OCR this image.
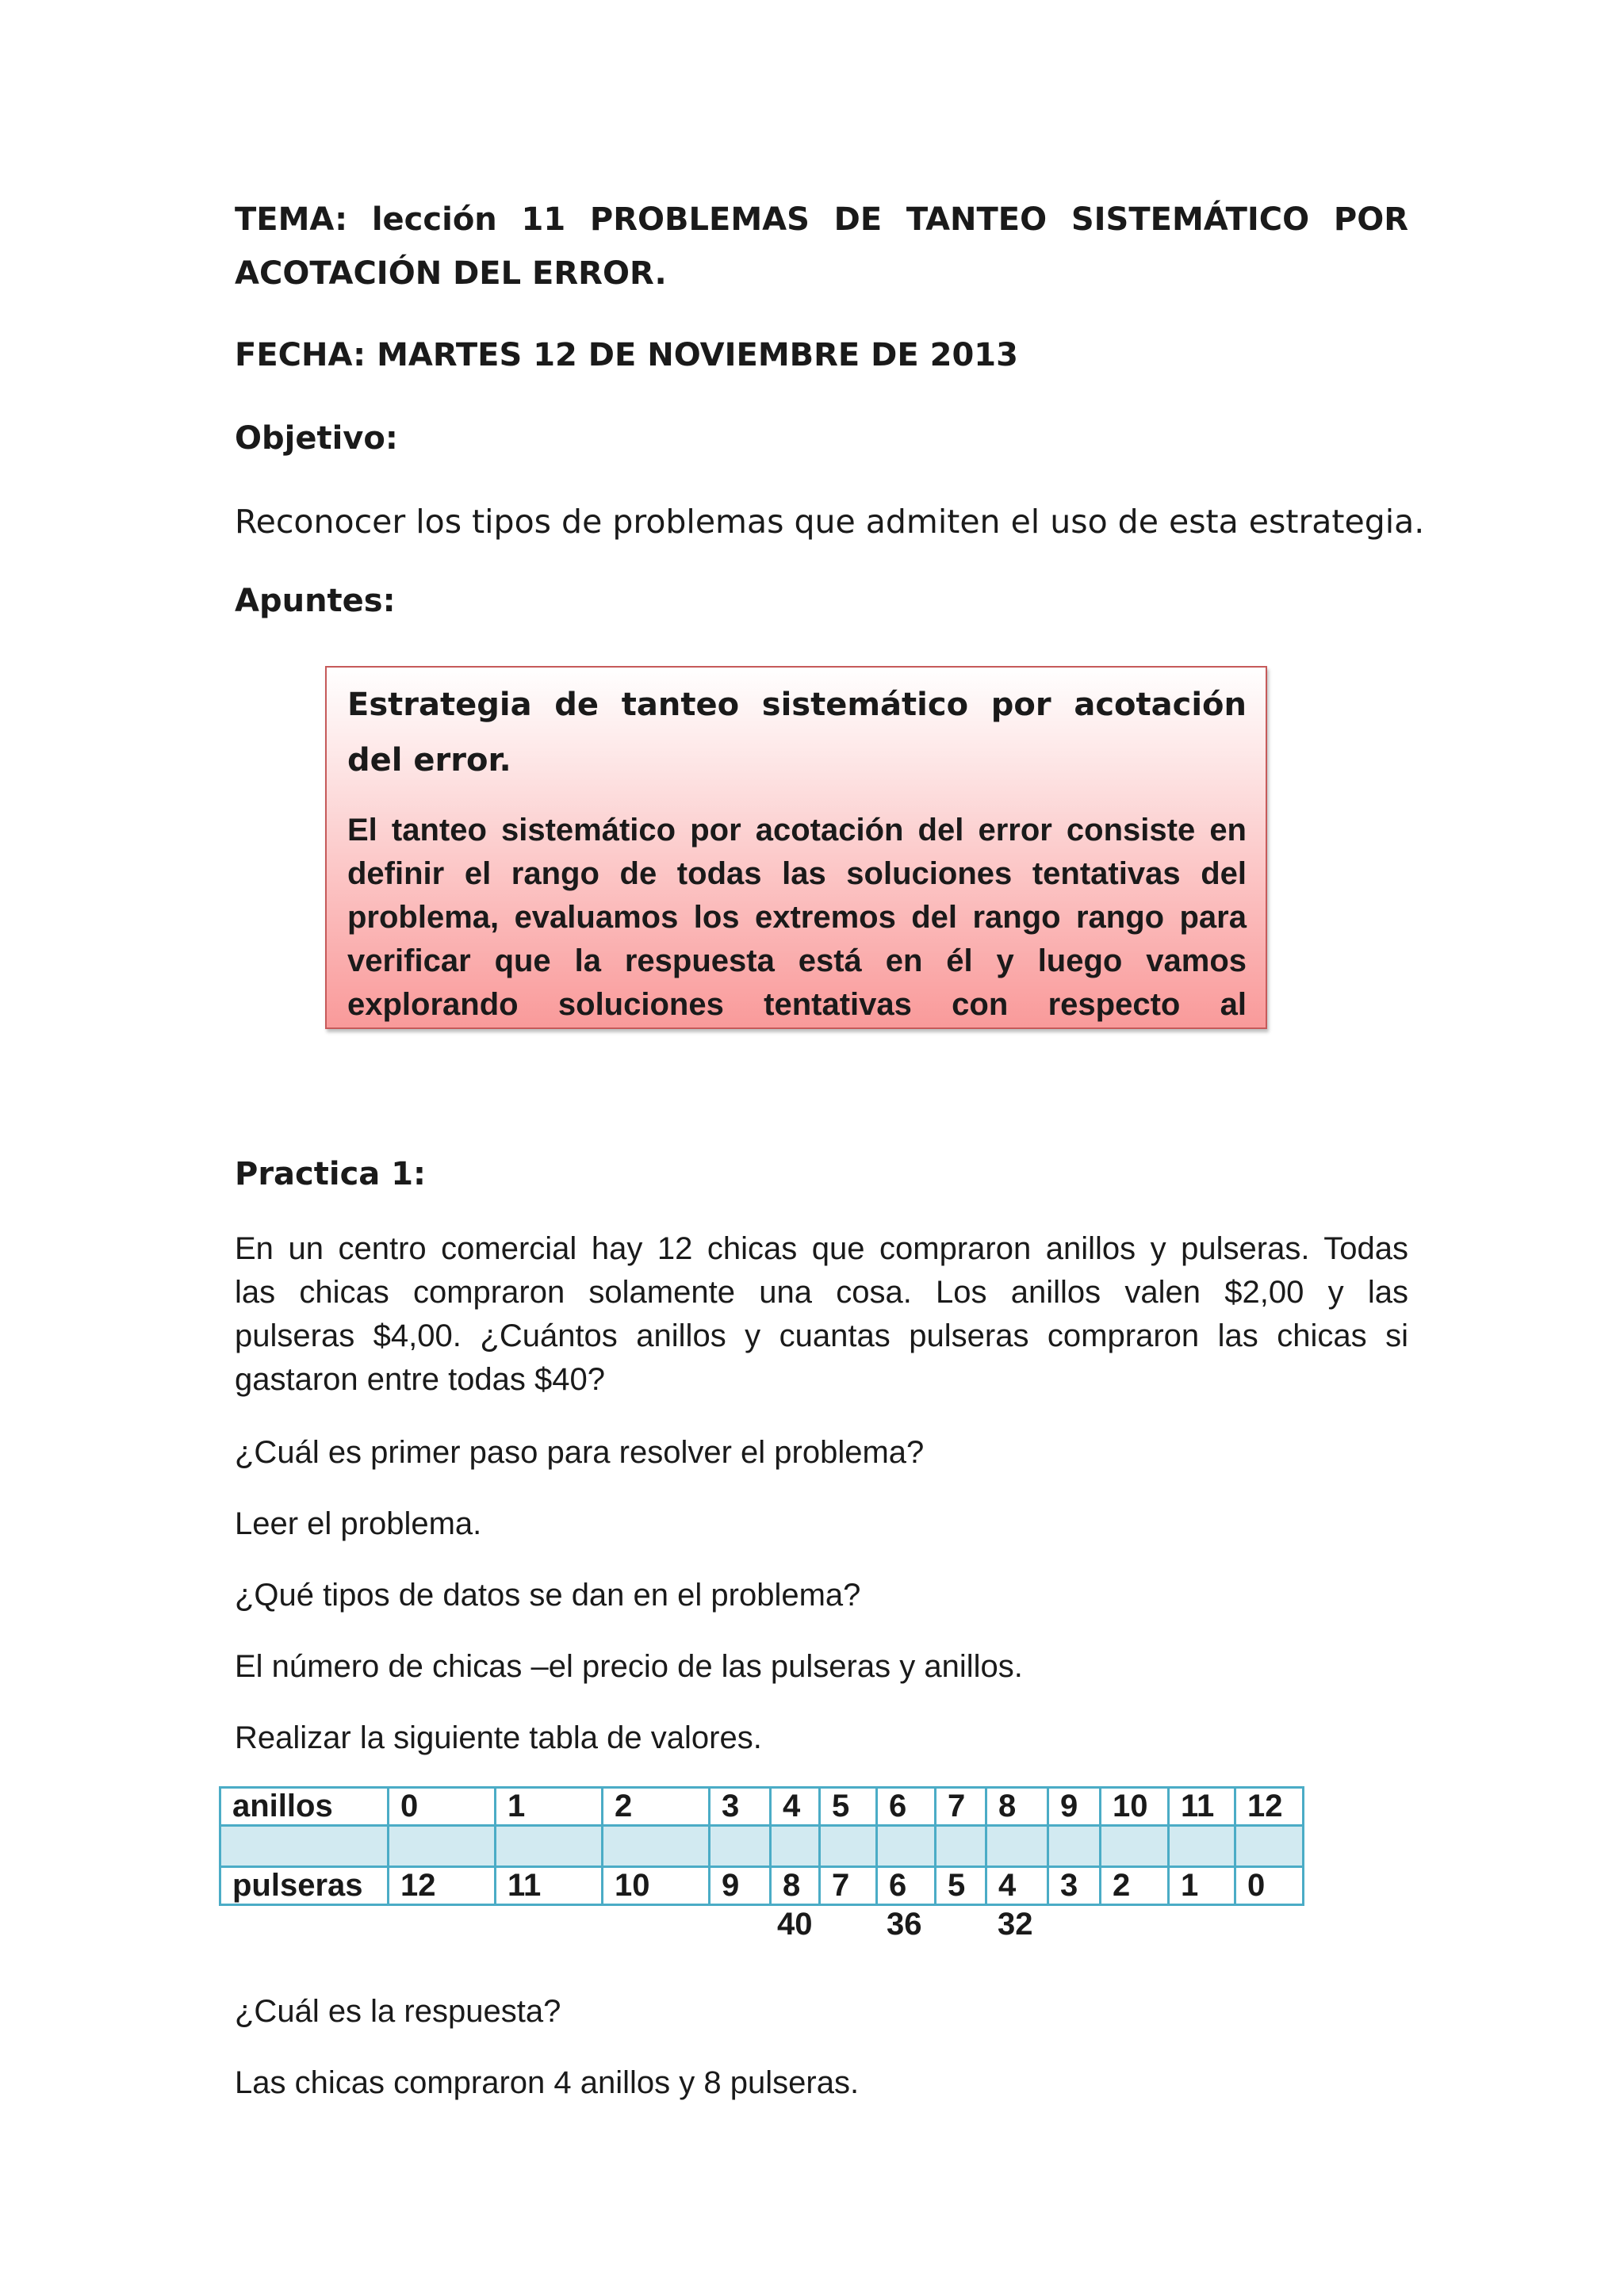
TEMA: lección 11 PROBLEMAS DE TANTEO SISTEMÁTICO POR

ACOTACIÓN DEL ERROR.

FECHA: MARTES 12 DE NOVIEMBRE DE 2013

Objetivo:

Reconocer los tipos de problemas que admiten el uso de esta estrategia.

Apuntes:

Estrategia de tanteo sistemático por acotación del error.
El tanteo sistemático por acotación del error consiste en
definir el rango de todas las soluciones tentativas del
problema, evaluamos los extremos del rango rango para
verificar que la respuesta está en él y luego vamos
explorando soluciones tentativas con respecto al

Practica 1:

En un centro comercial hay 12 chicas que compraron anillos y pulseras. Todas
las chicas compraron solamente una cosa. Los anillos valen $2,00 y las
pulseras $4,00. ¿Cuántos anillos y cuantas pulseras compraron las chicas si
gastaron entre todas $40?

¿Cuál es primer paso para resolver el problema?

Leer el problema.

¿Qué tipos de datos se dan en el problema?

El número de chicas –el precio de las pulseras y anillos.

Realizar la siguiente tabla de valores.

anillos	0	1	2	3	4	5	6	7	8	9	10	11	12

pulseras	12	11	10	9	8	7	6	5	4	3	2	1	0
40 36 32

¿Cuál es la respuesta?

Las chicas compraron 4 anillos y 8 pulseras.
